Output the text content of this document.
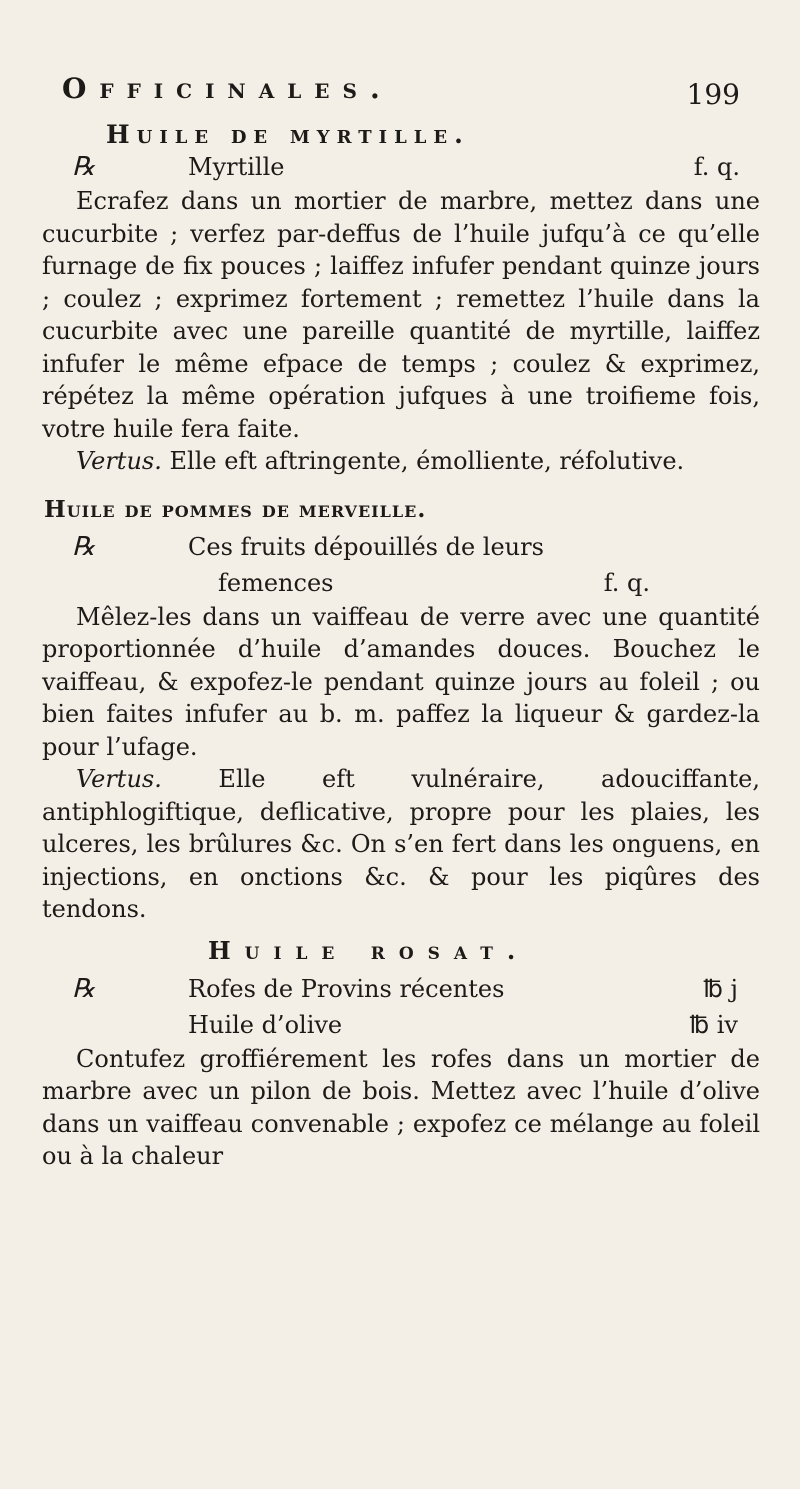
Officinales.	199
Huile de myrtille.
℞	Myrtille	f. q.

Ecrafez dans un mortier de marbre, mettez dans une cucurbite ; verfez par-deffus de l’huile jufqu’à ce qu’elle furnage de fix pouces ; laiffez infufer pendant quinze jours ; coulez ; exprimez fortement ; remettez l’huile dans la cucurbite avec une pareille quantité de myrtille, laiffez infufer le même efpace de temps ; coulez & exprimez, répétez la même opération jufques à une troifieme fois, votre huile fera faite.

Vertus. Elle eft aftringente, émolliente, réfolutive.

Huile de pommes de merveille.
℞	Ces fruits dépouillés de leurs
femences	f. q.

Mêlez-les dans un vaiffeau de verre avec une quantité proportionnée d’huile d’amandes douces. Bouchez le vaiffeau, & expofez-le pendant quinze jours au foleil ; ou bien faites infufer au b. m. paffez la liqueur & gardez-la pour l’ufage.

Vertus. Elle eft vulnéraire, adouciffante, antiphlogiftique, deflicative, propre pour les plaies, les ulceres, les brûlures &c. On s’en fert dans les onguens, en injections, en onctions &c. & pour les piqûres des tendons.

Huile rosat.
℞	Rofes de Provins récentes	℔ j
Huile d’olive	℔ iv

Contufez groffiérement les rofes dans un mortier de marbre avec un pilon de bois. Mettez avec l’huile d’olive dans un vaiffeau convenable ; expofez ce mélange au foleil ou à la chaleur
